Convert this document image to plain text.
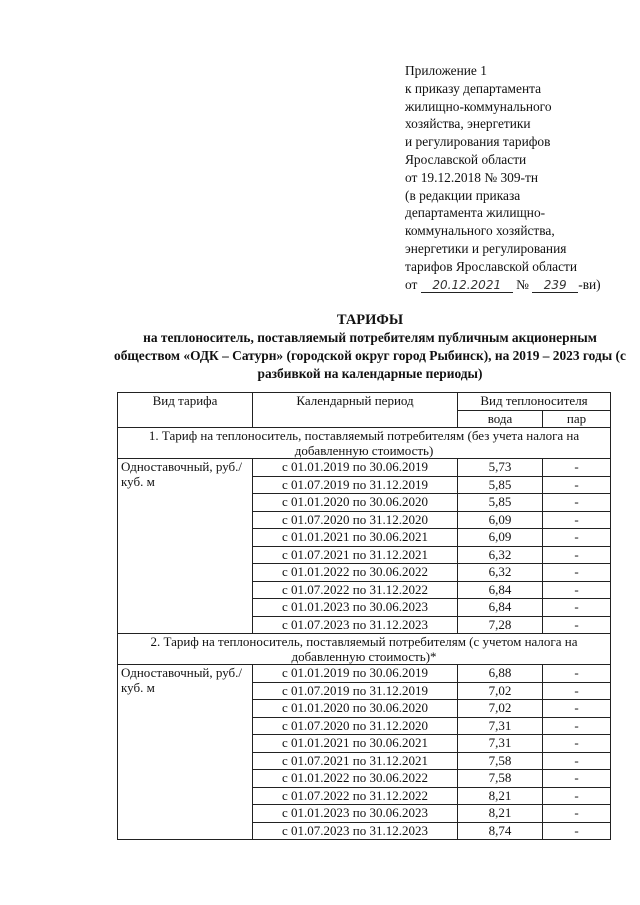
Приложение 1
к приказу департамента
жилищно-коммунального
хозяйства, энергетики
и регулирования тарифов
Ярославской области
от 19.12.2018 № 309-тн
(в редакции приказа
департамента жилищно-
коммунального хозяйства,
энергетики и регулирования
тарифов Ярославской области
от 20.12.2021 № 239 -ви)
ТАРИФЫ
на теплоноситель, поставляемый потребителям публичным акционерным обществом «ОДК – Сатурн» (городской округ город Рыбинск), на 2019 – 2023 годы (с разбивкой на календарные периоды)
Вид тарифа	Календарный период	Вид теплоносителя	
		вода	пар
1. Тариф на теплоноситель, поставляемый потребителям (без учета налога на добавленную стоимость)			
Одноставочный, руб./куб. м	с 01.01.2019 по 30.06.2019	5,73	-
	с 01.07.2019 по 31.12.2019	5,85	-
	с 01.01.2020 по 30.06.2020	5,85	-
	с 01.07.2020 по 31.12.2020	6,09	-
	с 01.01.2021 по 30.06.2021	6,09	-
	с 01.07.2021 по 31.12.2021	6,32	-
	с 01.01.2022 по 30.06.2022	6,32	-
	с 01.07.2022 по 31.12.2022	6,84	-
	с 01.01.2023 по 30.06.2023	6,84	-
	с 01.07.2023 по 31.12.2023	7,28	-
2. Тариф на теплоноситель, поставляемый потребителям (с учетом налога на добавленную стоимость)*			
Одноставочный, руб./куб. м	с 01.01.2019 по 30.06.2019	6,88	-
	с 01.07.2019 по 31.12.2019	7,02	-
	с 01.01.2020 по 30.06.2020	7,02	-
	с 01.07.2020 по 31.12.2020	7,31	-
	с 01.01.2021 по 30.06.2021	7,31	-
	с 01.07.2021 по 31.12.2021	7,58	-
	с 01.01.2022 по 30.06.2022	7,58	-
	с 01.07.2022 по 31.12.2022	8,21	-
	с 01.01.2023 по 30.06.2023	8,21	-
	с 01.07.2023 по 31.12.2023	8,74	-
